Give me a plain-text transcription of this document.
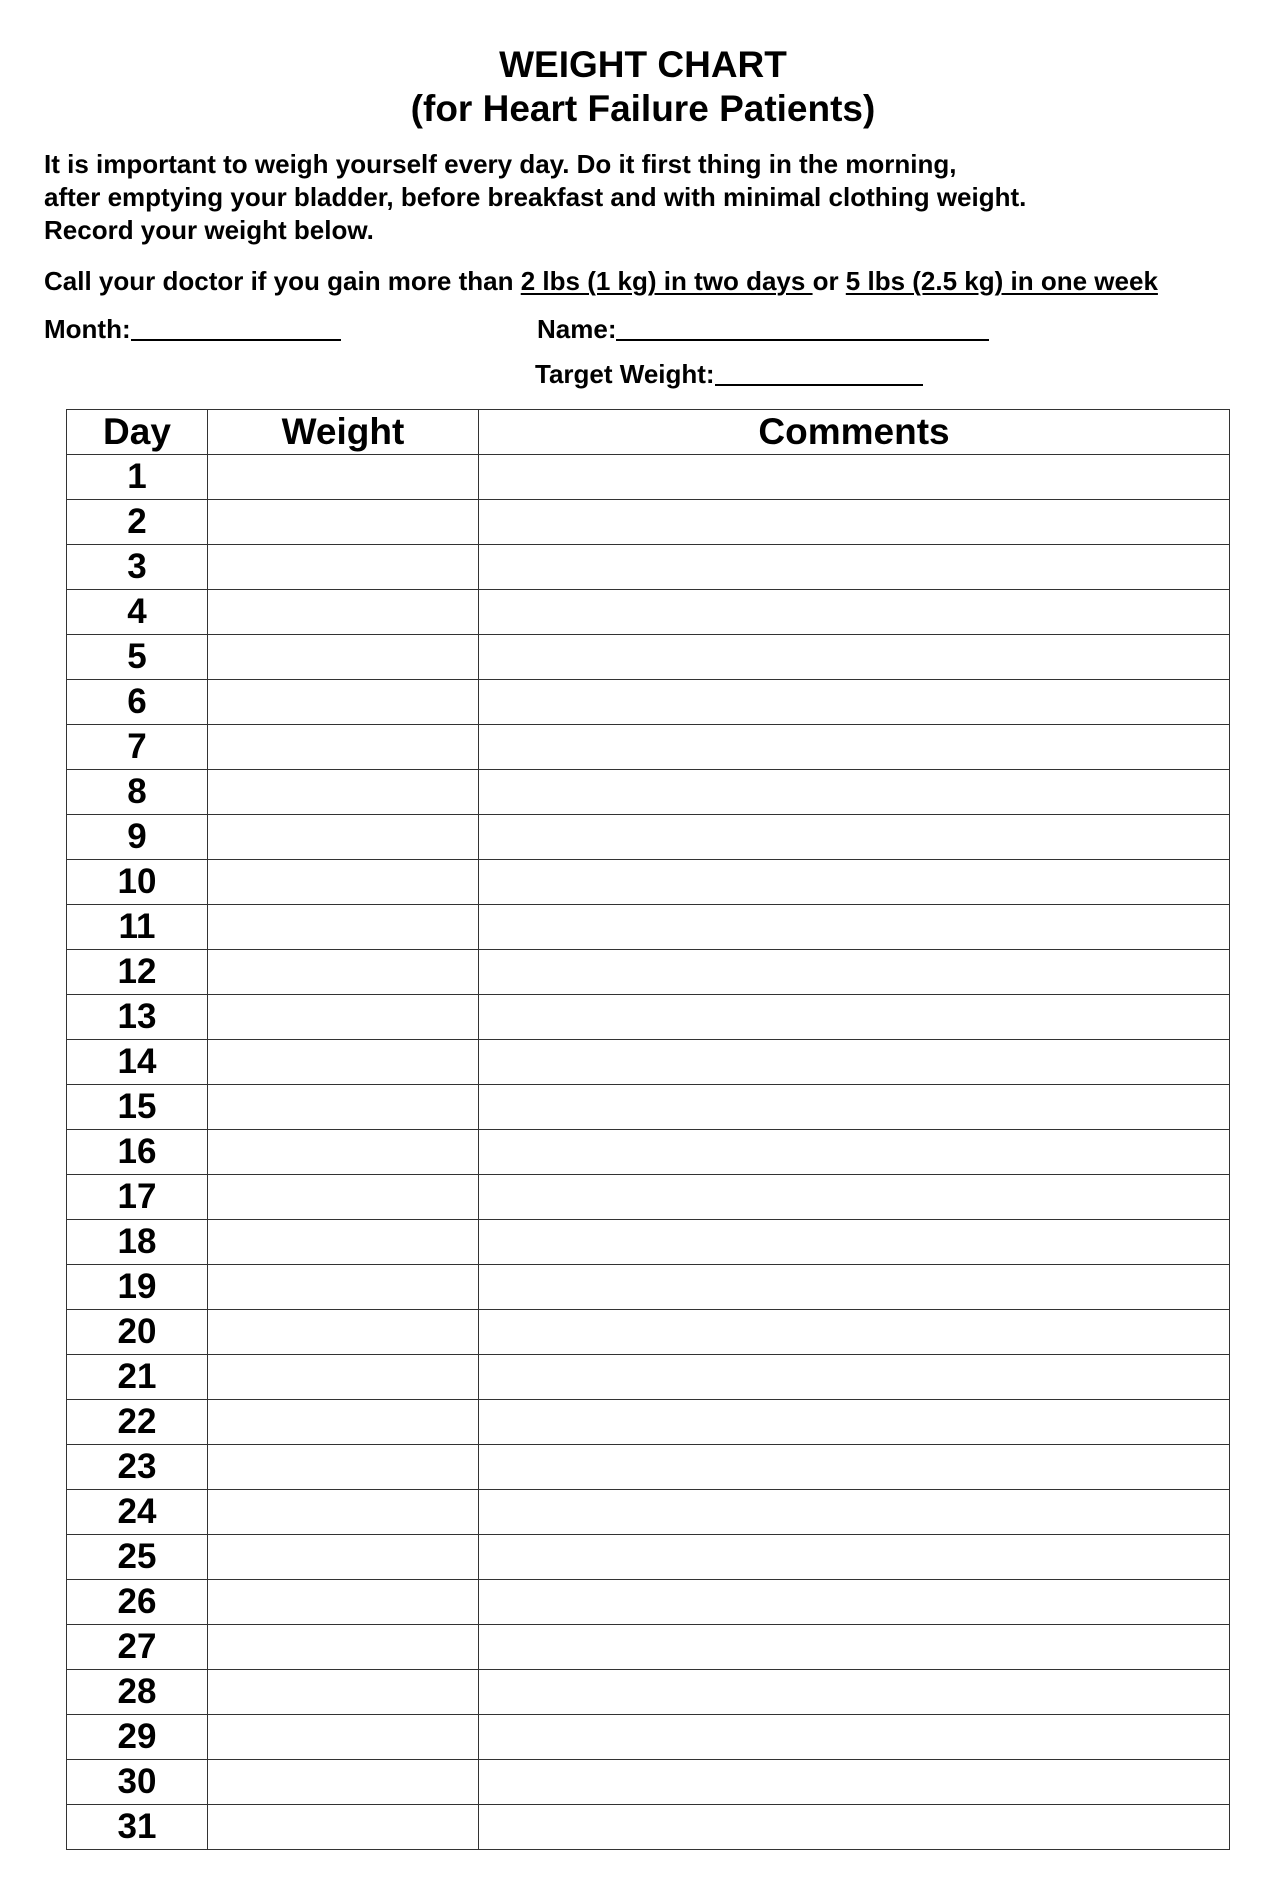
WEIGHT CHART
(for Heart Failure Patients)
It is important to weigh yourself every day. Do it first thing in the morning,
after emptying your bladder, before breakfast and with minimal clothing weight.
Record your weight below.
Call your doctor if you gain more than 2 lbs (1 kg) in two days or 5 lbs (2.5 kg) in one week
Month:	Name:
Target Weight:
Day	Weight	Comments
1		
2		
3		
4		
5		
6		
7		
8		
9		
10		
11		
12		
13		
14		
15		
16		
17		
18		
19		
20		
21		
22		
23		
24		
25		
26		
27		
28		
29		
30		
31		
